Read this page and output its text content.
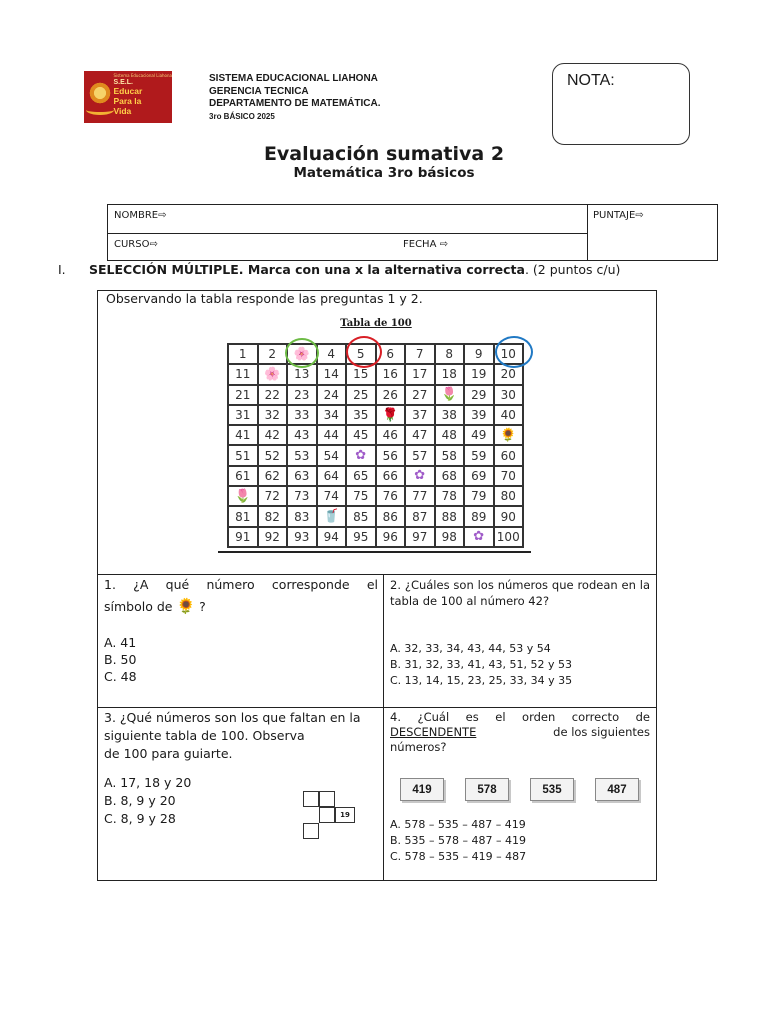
Sistema Educacional Liahona
S.E.L.
Educar
Para la
Vida
SISTEMA EDUCACIONAL LIAHONA
GERENCIA TECNICA
DEPARTAMENTO DE MATEMÁTICA.
3ro BÁSICO 2025
NOTA:
Evaluación sumativa 2
Matemática 3ro básicos
NOMBRE⇨	PUNTAJE⇨
CURSO⇨	FECHA ⇨
I. SELECCIÓN MÚLTIPLE. Marca con una x la alternativa correcta. (2 puntos c/u)
Observando la tabla responde las preguntas 1 y 2.
Tabla de 100
1	2	🌸	4	5	6	7	8	9	10
11	🌸	13	14	15	16	17	18	19	20
21	22	23	24	25	26	27	🌷	29	30
31	32	33	34	35	🌹	37	38	39	40
41	42	43	44	45	46	47	48	49	🌻
51	52	53	54	✿	56	57	58	59	60
61	62	63	64	65	66	✿	68	69	70
🌷	72	73	74	75	76	77	78	79	80
81	82	83	🥤	85	86	87	88	89	90
91	92	93	94	95	96	97	98	✿	100
1. ¿A qué número corresponde el
símbolo de 🌻 ?
A. 41
B. 50
C. 48
2. ¿Cuáles son los números que rodean en la tabla de 100 al número 42?
A. 32, 33, 34, 43, 44, 53 y 54
B. 31, 32, 33, 41, 43, 51, 52 y 53
C. 13, 14, 15, 23, 25, 33, 34 y 35
3. ¿Qué números son los que faltan en la siguiente tabla de 100. Observa
de 100 para guiarte.
A. 17, 18 y 20
B. 8, 9 y 20
C. 8, 9 y 28	19
4. ¿Cuál es el orden correcto de
DESCENDENTE	de los siguientes
números?
419	578	535	487
A. 578 – 535 – 487 – 419
B. 535 – 578 – 487 – 419
C. 578 – 535 – 419 – 487
